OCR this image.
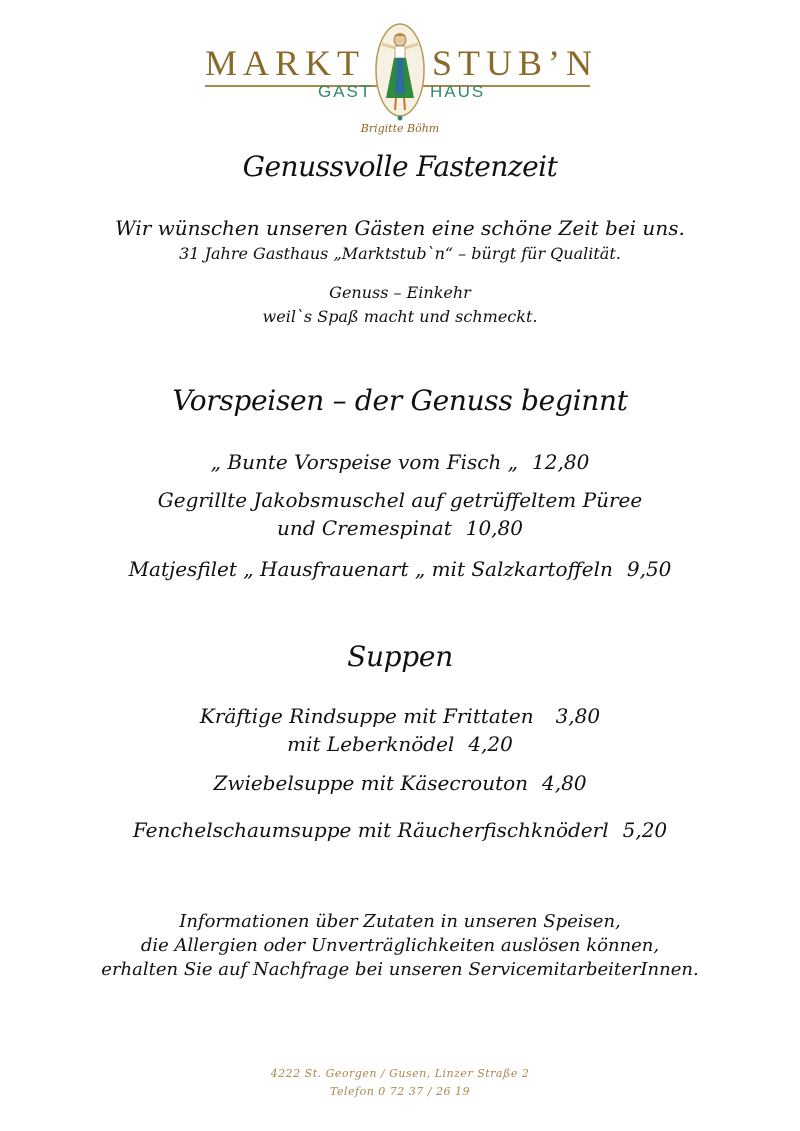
MARKT STUB’N
GAST	HAUS
Brigitte Böhm
Genussvolle Fastenzeit
Wir wünschen unseren Gästen eine schöne Zeit bei uns.
31 Jahre Gasthaus „Marktstub`n“ – bürgt für Qualität.
Genuss – Einkehr
weil`s Spaß macht und schmeckt.
Vorspeisen – der Genuss beginnt
„ Bunte Vorspeise vom Fisch „ 12,80
Gegrillte Jakobsmuschel auf getrüffeltem Püree
und Cremespinat 10,80
Matjesfilet „ Hausfrauenart „ mit Salzkartoffeln 9,50
Suppen
Kräftige Rindsuppe mit Frittaten 3,80
mit Leberknödel 4,20
Zwiebelsuppe mit Käsecrouton 4,80
Fenchelschaumsuppe mit Räucherfischknöderl 5,20
Informationen über Zutaten in unseren Speisen,
die Allergien oder Unverträglichkeiten auslösen können,
erhalten Sie auf Nachfrage bei unseren ServicemitarbeiterInnen.
4222 St. Georgen / Gusen, Linzer Straße 2
Telefon 0 72 37 / 26 19
